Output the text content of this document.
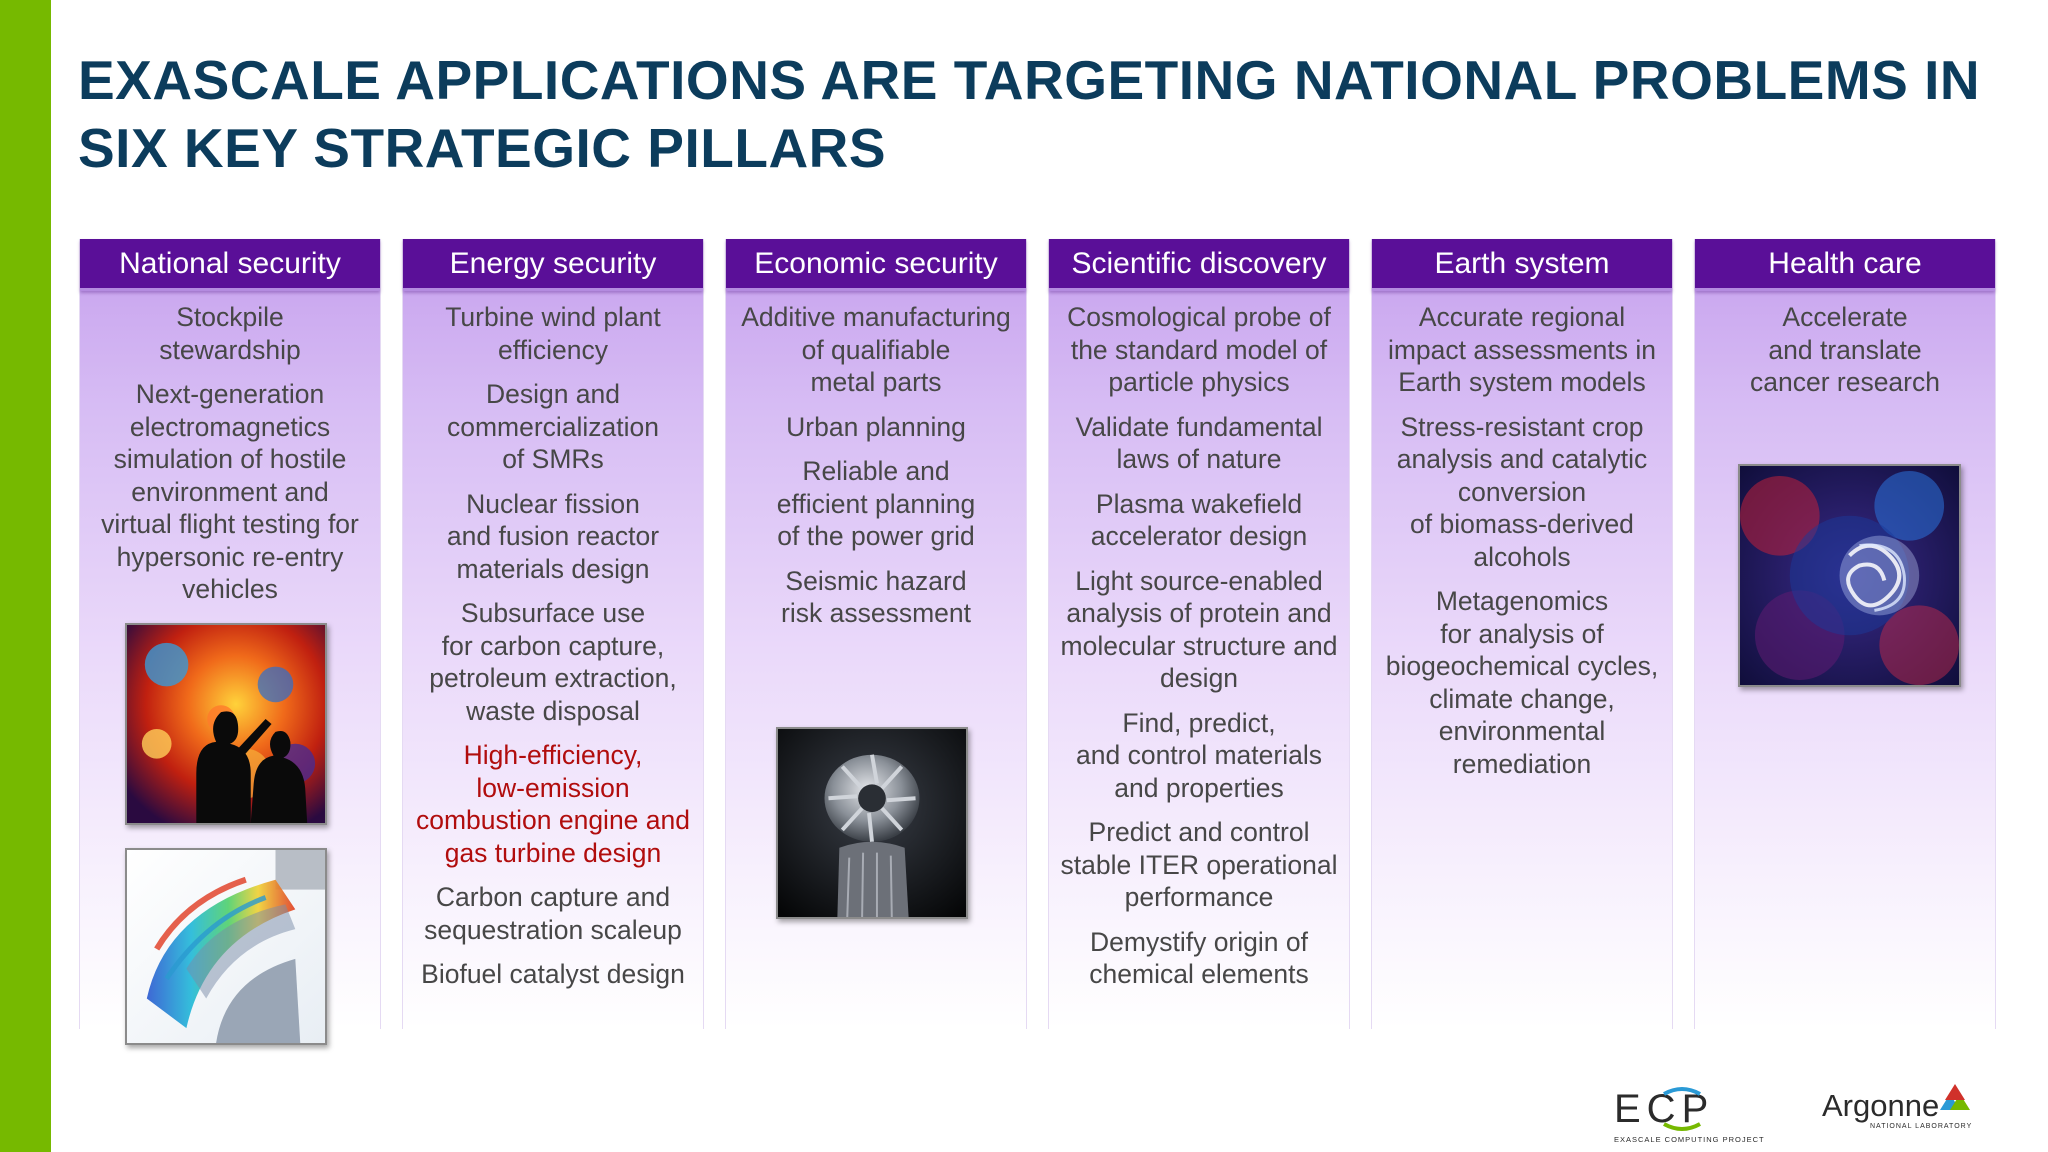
EXASCALE APPLICATIONS ARE TARGETING NATIONAL PROBLEMS IN SIX KEY STRATEGIC PILLARS
National security
Stockpile
stewardship
Next-generation
electromagnetics
simulation of hostile
environment and
virtual flight testing for
hypersonic re-entry
vehicles
Energy security
Turbine wind plant
efficiency
Design and
commercialization
of SMRs
Nuclear fission
and fusion reactor
materials design
Subsurface use
for carbon capture,
petroleum extraction,
waste disposal
High-efficiency,
low-emission
combustion engine and
gas turbine design
Carbon capture and
sequestration scaleup
Biofuel catalyst design
Economic security
Additive manufacturing
of qualifiable
metal parts
Urban planning
Reliable and
efficient planning
of the power grid
Seismic hazard
risk assessment
Scientific discovery
Cosmological probe of
the standard model of
particle physics
Validate fundamental
laws of nature
Plasma wakefield
accelerator design
Light source-enabled
analysis of protein and
molecular structure and
design
Find, predict,
and control materials
and properties
Predict and control
stable ITER operational
performance
Demystify origin of
chemical elements
Earth system
Accurate regional
impact assessments in
Earth system models
Stress-resistant crop
analysis and catalytic
conversion
of biomass-derived
alcohols
Metagenomics
for analysis of
biogeochemical cycles,
climate change,
environmental
remediation
Health care
Accelerate
and translate
cancer research
ECP
EXASCALE COMPUTING PROJECT
Argonne
NATIONAL LABORATORY
